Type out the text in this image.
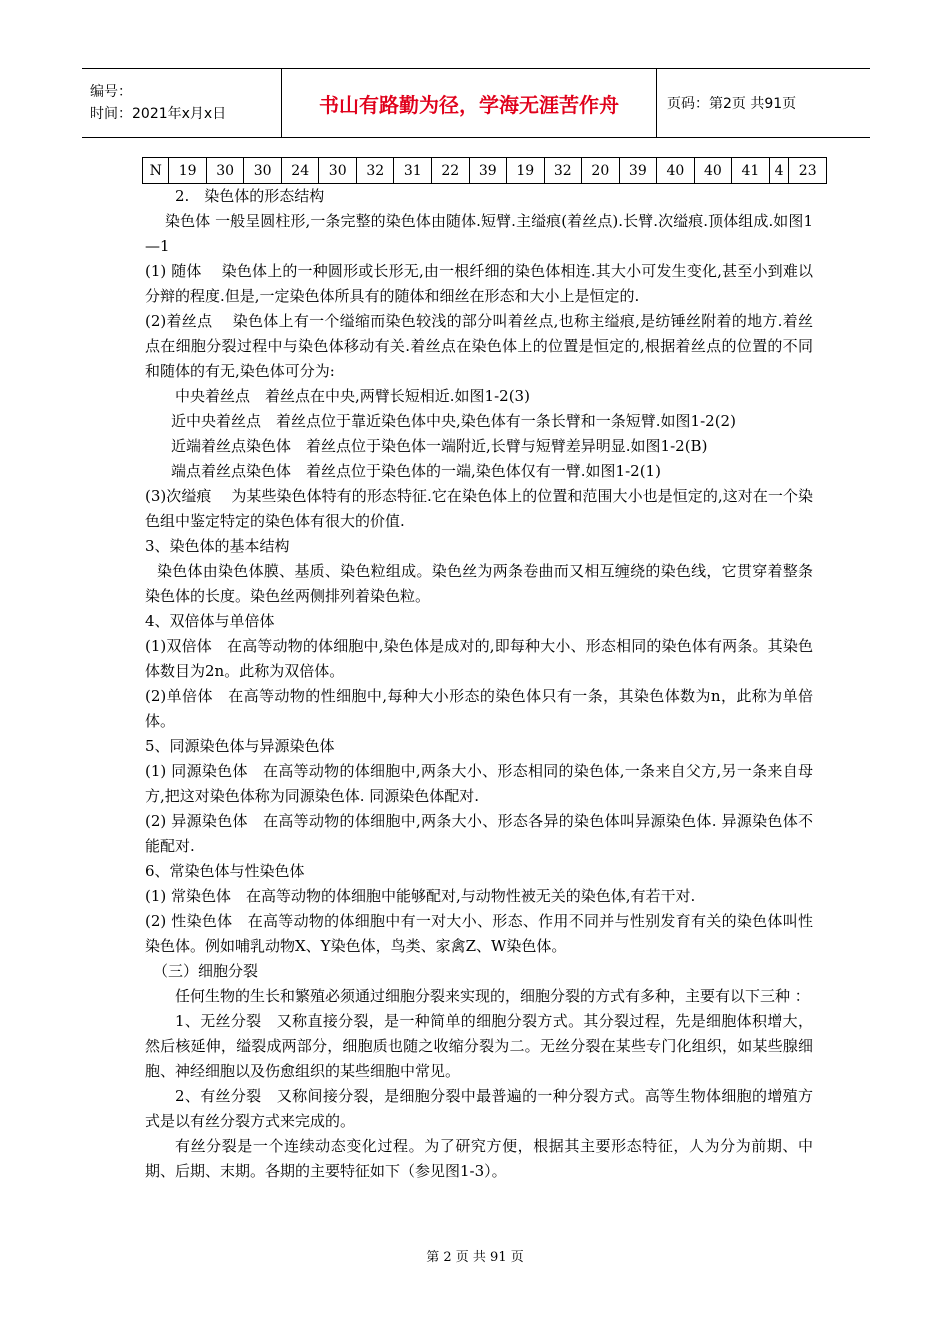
编号：
时间：2021年x月x日	书山有路勤为径，学海无涯苦作舟	页码：第2页 共91页
N	19	30	30	24	30	32	31	22	39	19	32	20	39	40	40	41	4	23

2.　染色体的形态结构

染色体 一般呈圆柱形,一条完整的染色体由随体.短臂.主缢痕(着丝点).长臂.次缢痕.顶体组成.如图1—1

(1) 随体　 染色体上的一种圆形或长形无,由一根纤细的染色体相连.其大小可发生变化,甚至小到难以分辩的程度.但是,一定染色体所具有的随体和细丝在形态和大小上是恒定的.

(2)着丝点　 染色体上有一个缢缩而染色较浅的部分叫着丝点,也称主缢痕,是纺锤丝附着的地方.着丝点在细胞分裂过程中与染色体移动有关.着丝点在染色体上的位置是恒定的,根据着丝点的位置的不同和随体的有无,染色体可分为:

中央着丝点　着丝点在中央,两臂长短相近.如图1-2(3)

近中央着丝点　着丝点位于靠近染色体中央,染色体有一条长臂和一条短臂.如图1-2(2)

近端着丝点染色体　着丝点位于染色体一端附近,长臂与短臂差异明显.如图1-2(B)

端点着丝点染色体　着丝点位于染色体的一端,染色体仅有一臂.如图1-2(1)

(3)次缢痕　 为某些染色体特有的形态特征.它在染色体上的位置和范围大小也是恒定的,这对在一个染色组中鉴定特定的染色体有很大的价值.

3、染色体的基本结构

染色体由染色体膜、基质、染色粒组成。染色丝为两条卷曲而又相互缠绕的染色线，它贯穿着整条染色体的长度。染色丝两侧排列着染色粒。

4、双倍体与单倍体

(1)双倍体　在高等动物的体细胞中,染色体是成对的,即每种大小、形态相同的染色体有两条。其染色体数目为2n。此称为双倍体。

(2)单倍体　在高等动物的性细胞中,每种大小形态的染色体只有一条，其染色体数为n，此称为单倍体。

5、同源染色体与异源染色体

(1) 同源染色体　在高等动物的体细胞中,两条大小、形态相同的染色体,一条来自父方,另一条来自母方,把这对染色体称为同源染色体. 同源染色体配对.

(2) 异源染色体　在高等动物的体细胞中,两条大小、形态各异的染色体叫异源染色体. 异源染色体不能配对.

6、常染色体与性染色体

(1) 常染色体　在高等动物的体细胞中能够配对,与动物性被无关的染色体,有若干对.

(2) 性染色体　在高等动物的体细胞中有一对大小、形态、作用不同并与性别发育有关的染色体叫性染色体。例如哺乳动物X、Y染色体，鸟类、家禽Z、W染色体。

（三）细胞分裂

任何生物的生长和繁殖必须通过细胞分裂来实现的，细胞分裂的方式有多种，主要有以下三种 ：

1、无丝分裂　又称直接分裂，是一种简单的细胞分裂方式。其分裂过程，先是细胞体积增大，然后核延伸，缢裂成两部分，细胞质也随之收缩分裂为二。无丝分裂在某些专门化组织，如某些腺细胞、神经细胞以及伤愈组织的某些细胞中常见。

2、有丝分裂　又称间接分裂，是细胞分裂中最普遍的一种分裂方式。高等生物体细胞的增殖方式是以有丝分裂方式来完成的。

有丝分裂是一个连续动态变化过程。为了研究方便，根据其主要形态特征，人为分为前期、中期、后期、末期。各期的主要特征如下（参见图1-3）。

第 2 页 共 91 页
